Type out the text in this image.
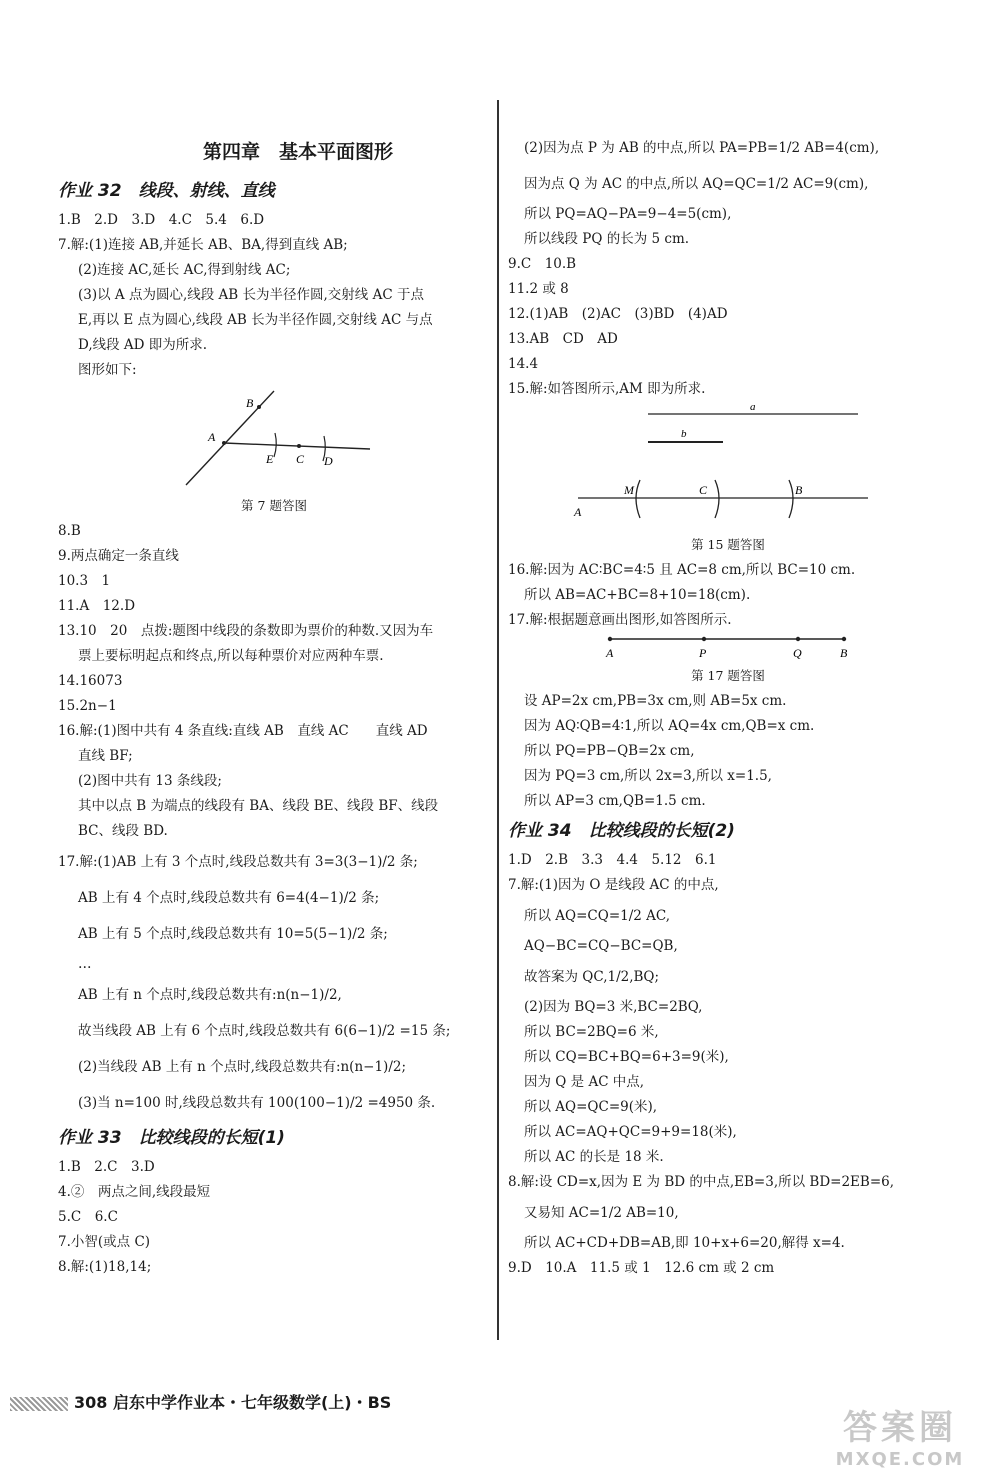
第四章　基本平面图形
作业 32　线段、射线、直线
1.B　2.D　3.D　4.C　5.4　6.D
7.解:(1)连接 AB,并延长 AB、BA,得到直线 AB;
(2)连接 AC,延长 AC,得到射线 AC;
(3)以 A 点为圆心,线段 AB 长为半径作圆,交射线 AC 于点
E,再以 E 点为圆心,线段 AB 长为半径作圆,交射线 AC 与点
D,线段 AD 即为所求.
图形如下:
A
B
E C D
第 7 题答图
8.B
9.两点确定一条直线
10.3　1
11.A　12.D
13.10　20　点拨:题图中线段的条数即为票价的种数.又因为车
票上要标明起点和终点,所以每种票价对应两种车票.
14.16073
15.2n−1
16.解:(1)图中共有 4 条直线:直线 AB　直线 AC　　直线 AD
直线 BF;
(2)图中共有 13 条线段;
其中以点 B 为端点的线段有 BA、线段 BE、线段 BF、线段
BC、线段 BD.
17.解:(1)AB 上有 3 个点时,线段总数共有 3=3(3−1)/2 条;
AB 上有 4 个点时,线段总数共有 6=4(4−1)/2 条;
AB 上有 5 个点时,线段总数共有 10=5(5−1)/2 条;
…
AB 上有 n 个点时,线段总数共有:n(n−1)/2,
故当线段 AB 上有 6 个点时,线段总数共有 6(6−1)/2 =15 条;
(2)当线段 AB 上有 n 个点时,线段总数共有:n(n−1)/2;
(3)当 n=100 时,线段总数共有 100(100−1)/2 =4950 条.
作业 33　比较线段的长短(1)
1.B　2.C　3.D
4.②　两点之间,线段最短
5.C　6.C
7.小智(或点 C)
8.解:(1)18,14;
(2)因为点 P 为 AB 的中点,所以 PA=PB=1/2 AB=4(cm),
因为点 Q 为 AC 的中点,所以 AQ=QC=1/2 AC=9(cm),
所以 PQ=AQ−PA=9−4=5(cm),
所以线段 PQ 的长为 5 cm.
9.C　10.B
11.2 或 8
12.(1)AB　(2)AC　(3)BD　(4)AD
13.AB　CD　AD
14.4
15.解:如答图所示,AM 即为所求.
a
b
A
M	C	B
第 15 题答图
16.解:因为 AC∶BC=4∶5 且 AC=8 cm,所以 BC=10 cm.
所以 AB=AC+BC=8+10=18(cm).
17.解:根据题意画出图形,如答图所示.
A	P	Q	B
第 17 题答图
设 AP=2x cm,PB=3x cm,则 AB=5x cm.
因为 AQ∶QB=4∶1,所以 AQ=4x cm,QB=x cm.
所以 PQ=PB−QB=2x cm,
因为 PQ=3 cm,所以 2x=3,所以 x=1.5,
所以 AP=3 cm,QB=1.5 cm.
作业 34　比较线段的长短(2)
1.D　2.B　3.3　4.4　5.12　6.1
7.解:(1)因为 O 是线段 AC 的中点,
所以 AQ=CQ=1/2 AC,
AQ−BC=CQ−BC=QB,
故答案为 QC,1/2,BQ;
(2)因为 BQ=3 米,BC=2BQ,
所以 BC=2BQ=6 米,
所以 CQ=BC+BQ=6+3=9(米),
因为 Q 是 AC 中点,
所以 AQ=QC=9(米),
所以 AC=AQ+QC=9+9=18(米),
所以 AC 的长是 18 米.
8.解:设 CD=x,因为 E 为 BD 的中点,EB=3,所以 BD=2EB=6,
又易知 AC=1/2 AB=10,
所以 AC+CD+DB=AB,即 10+x+6=20,解得 x=4.
9.D　10.A　11.5 或 1　12.6 cm 或 2 cm
308 启东中学作业本・七年级数学(上)・BS
答案圈
MXQE.COM
